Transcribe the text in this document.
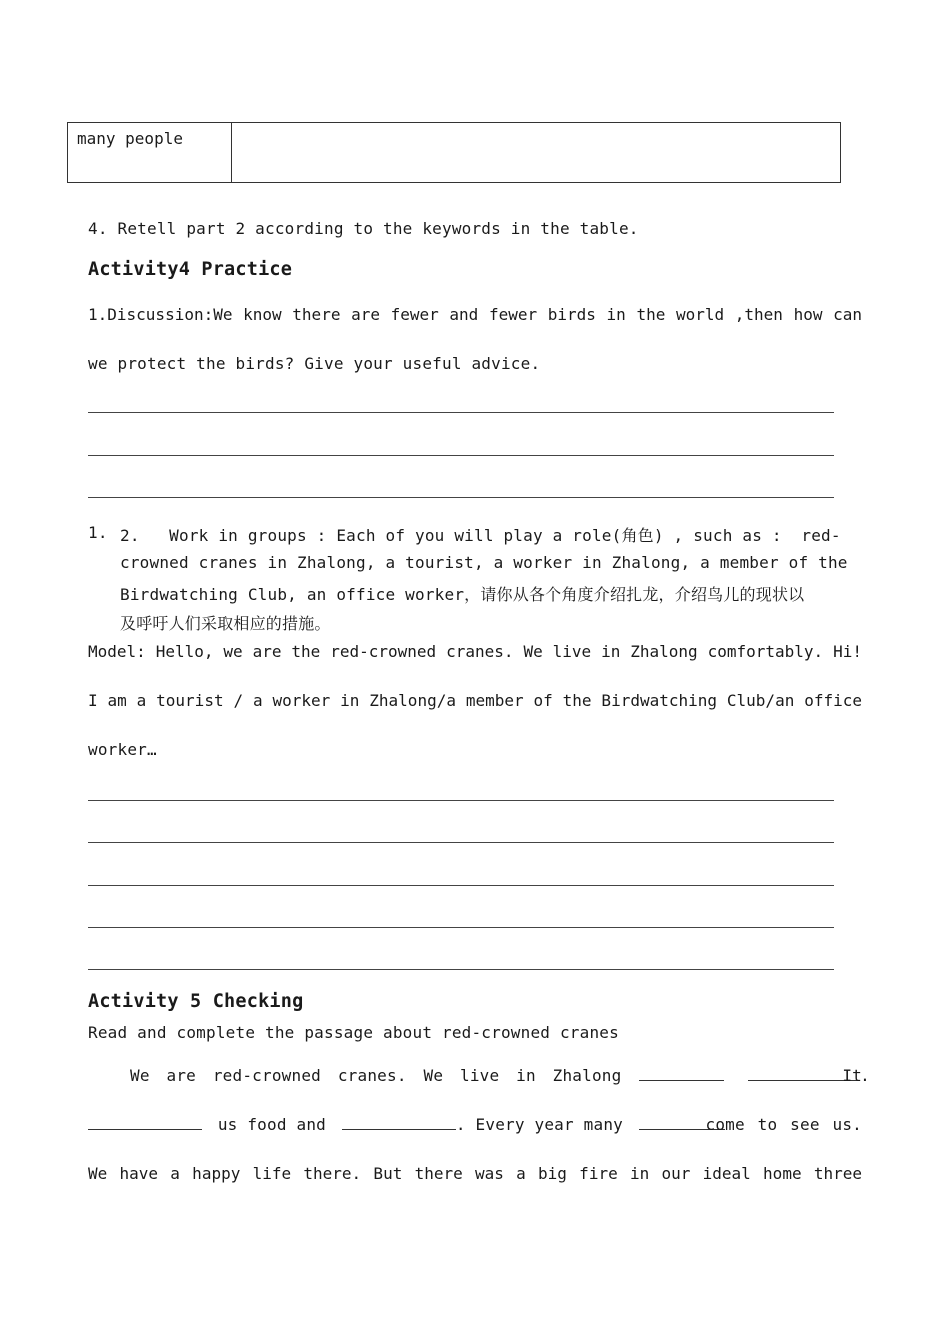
many people	
4. Retell part 2 according to the keywords in the table.
Activity4 Practice
1.Discussion:We know there are fewer and fewer birds in the world ,then how can
we protect the birds? Give your useful advice.
1. 2.   Work in groups : Each of you will play a role(角色) , such as :  red-
crowned cranes in Zhalong, a tourist, a worker in Zhalong, a member of the
Birdwatching Club, an office worker，请你从各个角度介绍扎龙，介绍鸟儿的现状以
及呼吁人们采取相应的措施。
Model: Hello, we are the red-crowned cranes. We live in Zhalong comfortably. Hi!
I am a tourist / a worker in Zhalong/a member of the Birdwatching Club/an office
worker…
Activity 5 Checking
Read and complete the passage about red-crowned cranes
We are red-crowned cranes. We live in Zhalong	.
It
us food and	. Every year many	come to see us.
We have a happy life there. But there was a big fire in our ideal home three
